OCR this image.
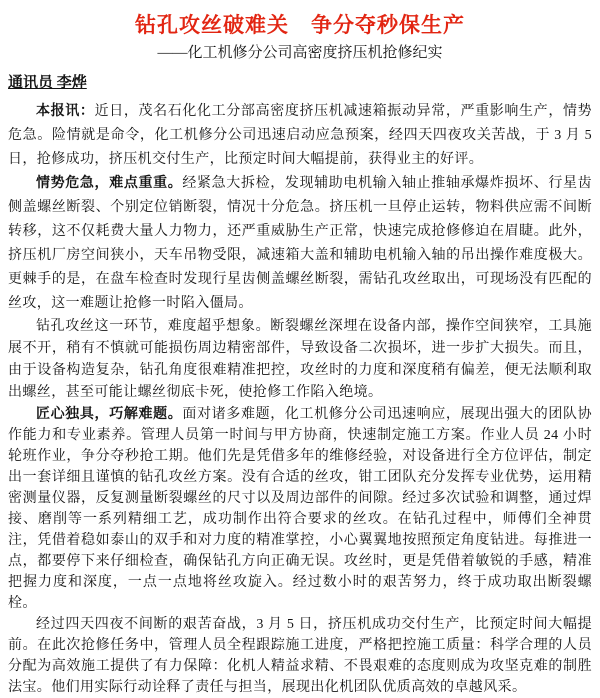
钻孔攻丝破难关　争分夺秒保生产
——化工机修分公司高密度挤压机抢修纪实
通讯员 李烨

本报讯：近日，茂名石化化工分部高密度挤压机减速箱振动异常，严重影响生产，情势危急。险情就是命令，化工机修分公司迅速启动应急预案，经四天四夜攻关苦战，于 3 月 5 日，抢修成功，挤压机交付生产，比预定时间大幅提前，获得业主的好评。

情势危急，难点重重。经紧急大拆检，发现辅助电机输入轴止推轴承爆炸损坏、行星齿侧盖螺丝断裂、个别定位销断裂，情况十分危急。挤压机一旦停止运转，物料供应需不间断转移，这不仅耗费大量人力物力，还严重威胁生产正常，快速完成抢修修迫在眉睫。此外，挤压机厂房空间狭小，天车吊物受限，减速箱大盖和辅助电机输入轴的吊出操作难度极大。更棘手的是，在盘车检查时发现行星齿侧盖螺丝断裂，需钻孔攻丝取出，可现场没有匹配的丝攻，这一难题让抢修一时陷入僵局。

钻孔攻丝这一环节，难度超乎想象。断裂螺丝深埋在设备内部，操作空间狭窄，工具施展不开，稍有不慎就可能损伤周边精密部件，导致设备二次损坏，进一步扩大损失。而且，由于设备构造复杂，钻孔角度很难精准把控，攻丝时的力度和深度稍有偏差，便无法顺利取出螺丝，甚至可能让螺丝彻底卡死，使抢修工作陷入绝境。

匠心独具，巧解难题。面对诸多难题，化工机修分公司迅速响应，展现出强大的团队协作能力和专业素养。管理人员第一时间与甲方协商，快速制定施工方案。作业人员 24 小时轮班作业，争分夺秒抢工期。他们先是凭借多年的维修经验，对设备进行全方位评估，制定出一套详细且谨慎的钻孔攻丝方案。没有合适的丝攻，钳工团队充分发挥专业优势，运用精密测量仪器，反复测量断裂螺丝的尺寸以及周边部件的间隙。经过多次试验和调整，通过焊接、磨削等一系列精细工艺，成功制作出符合要求的丝攻。在钻孔过程中，师傅们全神贯注，凭借着稳如泰山的双手和对力度的精准掌控，小心翼翼地按照预定角度钻进。每推进一点，都要停下来仔细检查，确保钻孔方向正确无误。攻丝时，更是凭借着敏锐的手感，精准把握力度和深度，一点一点地将丝攻旋入。经过数小时的艰苦努力，终于成功取出断裂螺栓。

经过四天四夜不间断的艰苦奋战，3 月 5 日，挤压机成功交付生产，比预定时间大幅提前。在此次抢修任务中，管理人员全程跟踪施工进度，严格把控施工质量：科学合理的人员分配为高效施工提供了有力保障：化机人精益求精、不畏艰难的态度则成为攻坚克难的制胜法宝。他们用实际行动诠释了责任与担当，展现出化机团队优质高效的卓越风采。
